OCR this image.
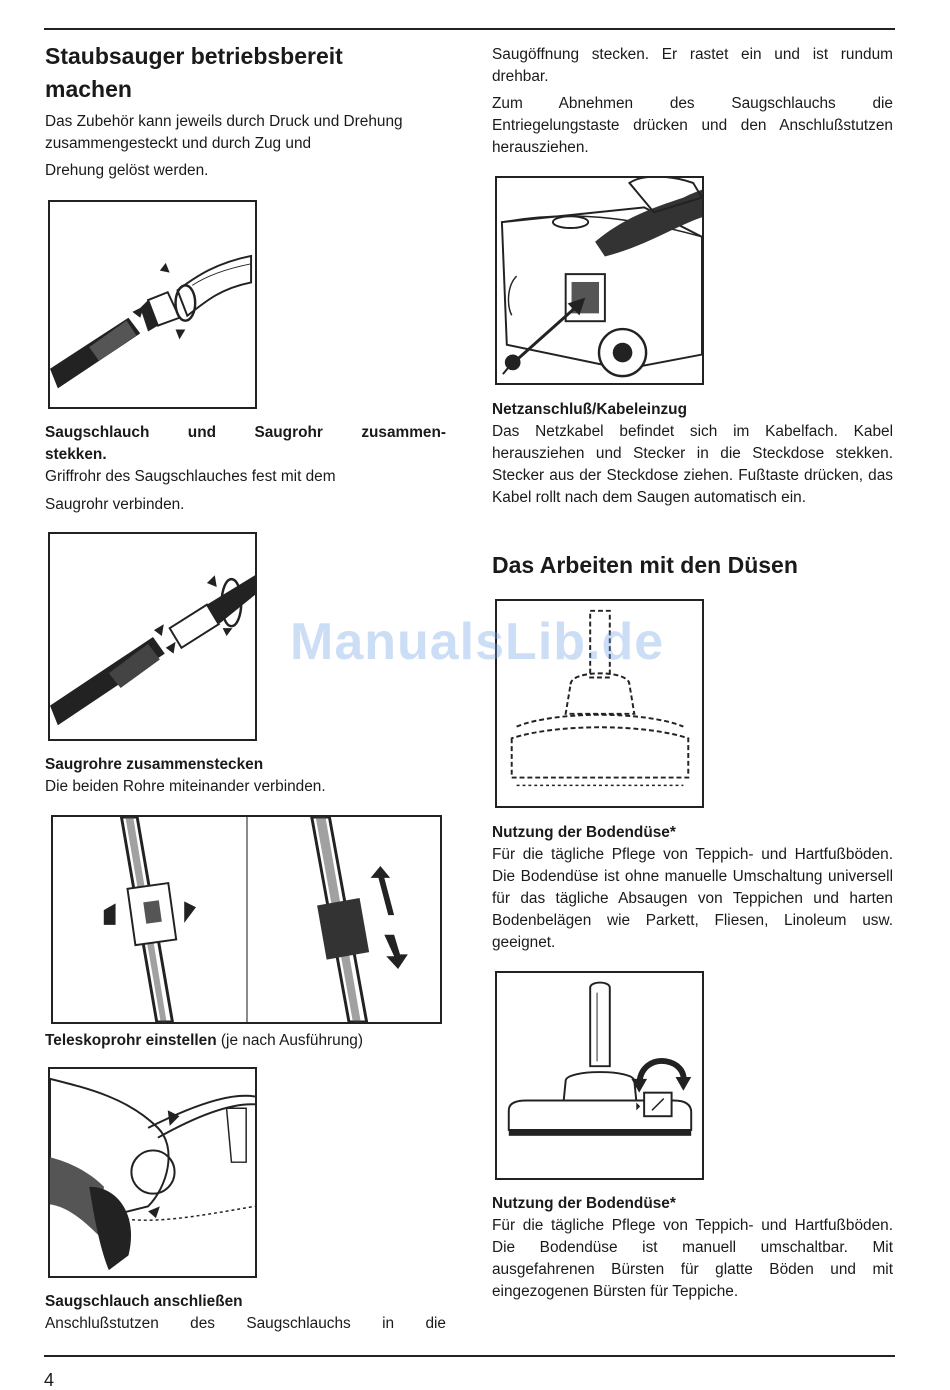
Staubsauger betriebsbereit
machen

Das Zubehör kann jeweils durch Druck und Drehung
zusammengesteckt und durch Zug und

Drehung gelöst werden.

Saugschlauch und Saugrohr zusammen-

stekken.

Griffrohr des Saugschlauches fest mit dem

Saugrohr verbinden.

Saugrohre zusammenstecken

Die beiden Rohre miteinander verbinden.

Teleskoprohr einstellen (je nach Ausführung)

Saugschlauch anschließen

Anschlußstutzen des Saugschlauchs in die

Saugöffnung stecken. Er rastet ein und ist rundum

drehbar.

Zum Abnehmen des Saugschlauchs die

Entriegelungstaste drücken und den Anschlußstutzen

herausziehen.

Netzanschluß/Kabeleinzug

Das Netzkabel befindet sich im Kabelfach. Kabel herausziehen und Stecker in die Steckdose stekken. Stecker aus der Steckdose ziehen. Fußtaste drücken, das Kabel rollt nach dem Saugen automatisch ein.

Das Arbeiten mit den Düsen

Nutzung der Bodendüse*

Für die tägliche Pflege von Teppich- und Hartfußböden. Die Bodendüse ist ohne manuelle Umschaltung universell für das tägliche Absaugen von Teppichen und harten Bodenbelägen wie Parkett, Fliesen, Linoleum usw. geeignet.

Nutzung der Bodendüse*

Für die tägliche Pflege von Teppich- und Hartfußböden. Die Bodendüse ist manuell umschaltbar. Mit ausgefahrenen Bürsten für glatte Böden und mit eingezogenen Bürsten für Teppiche.

ManualsLib.de
4
